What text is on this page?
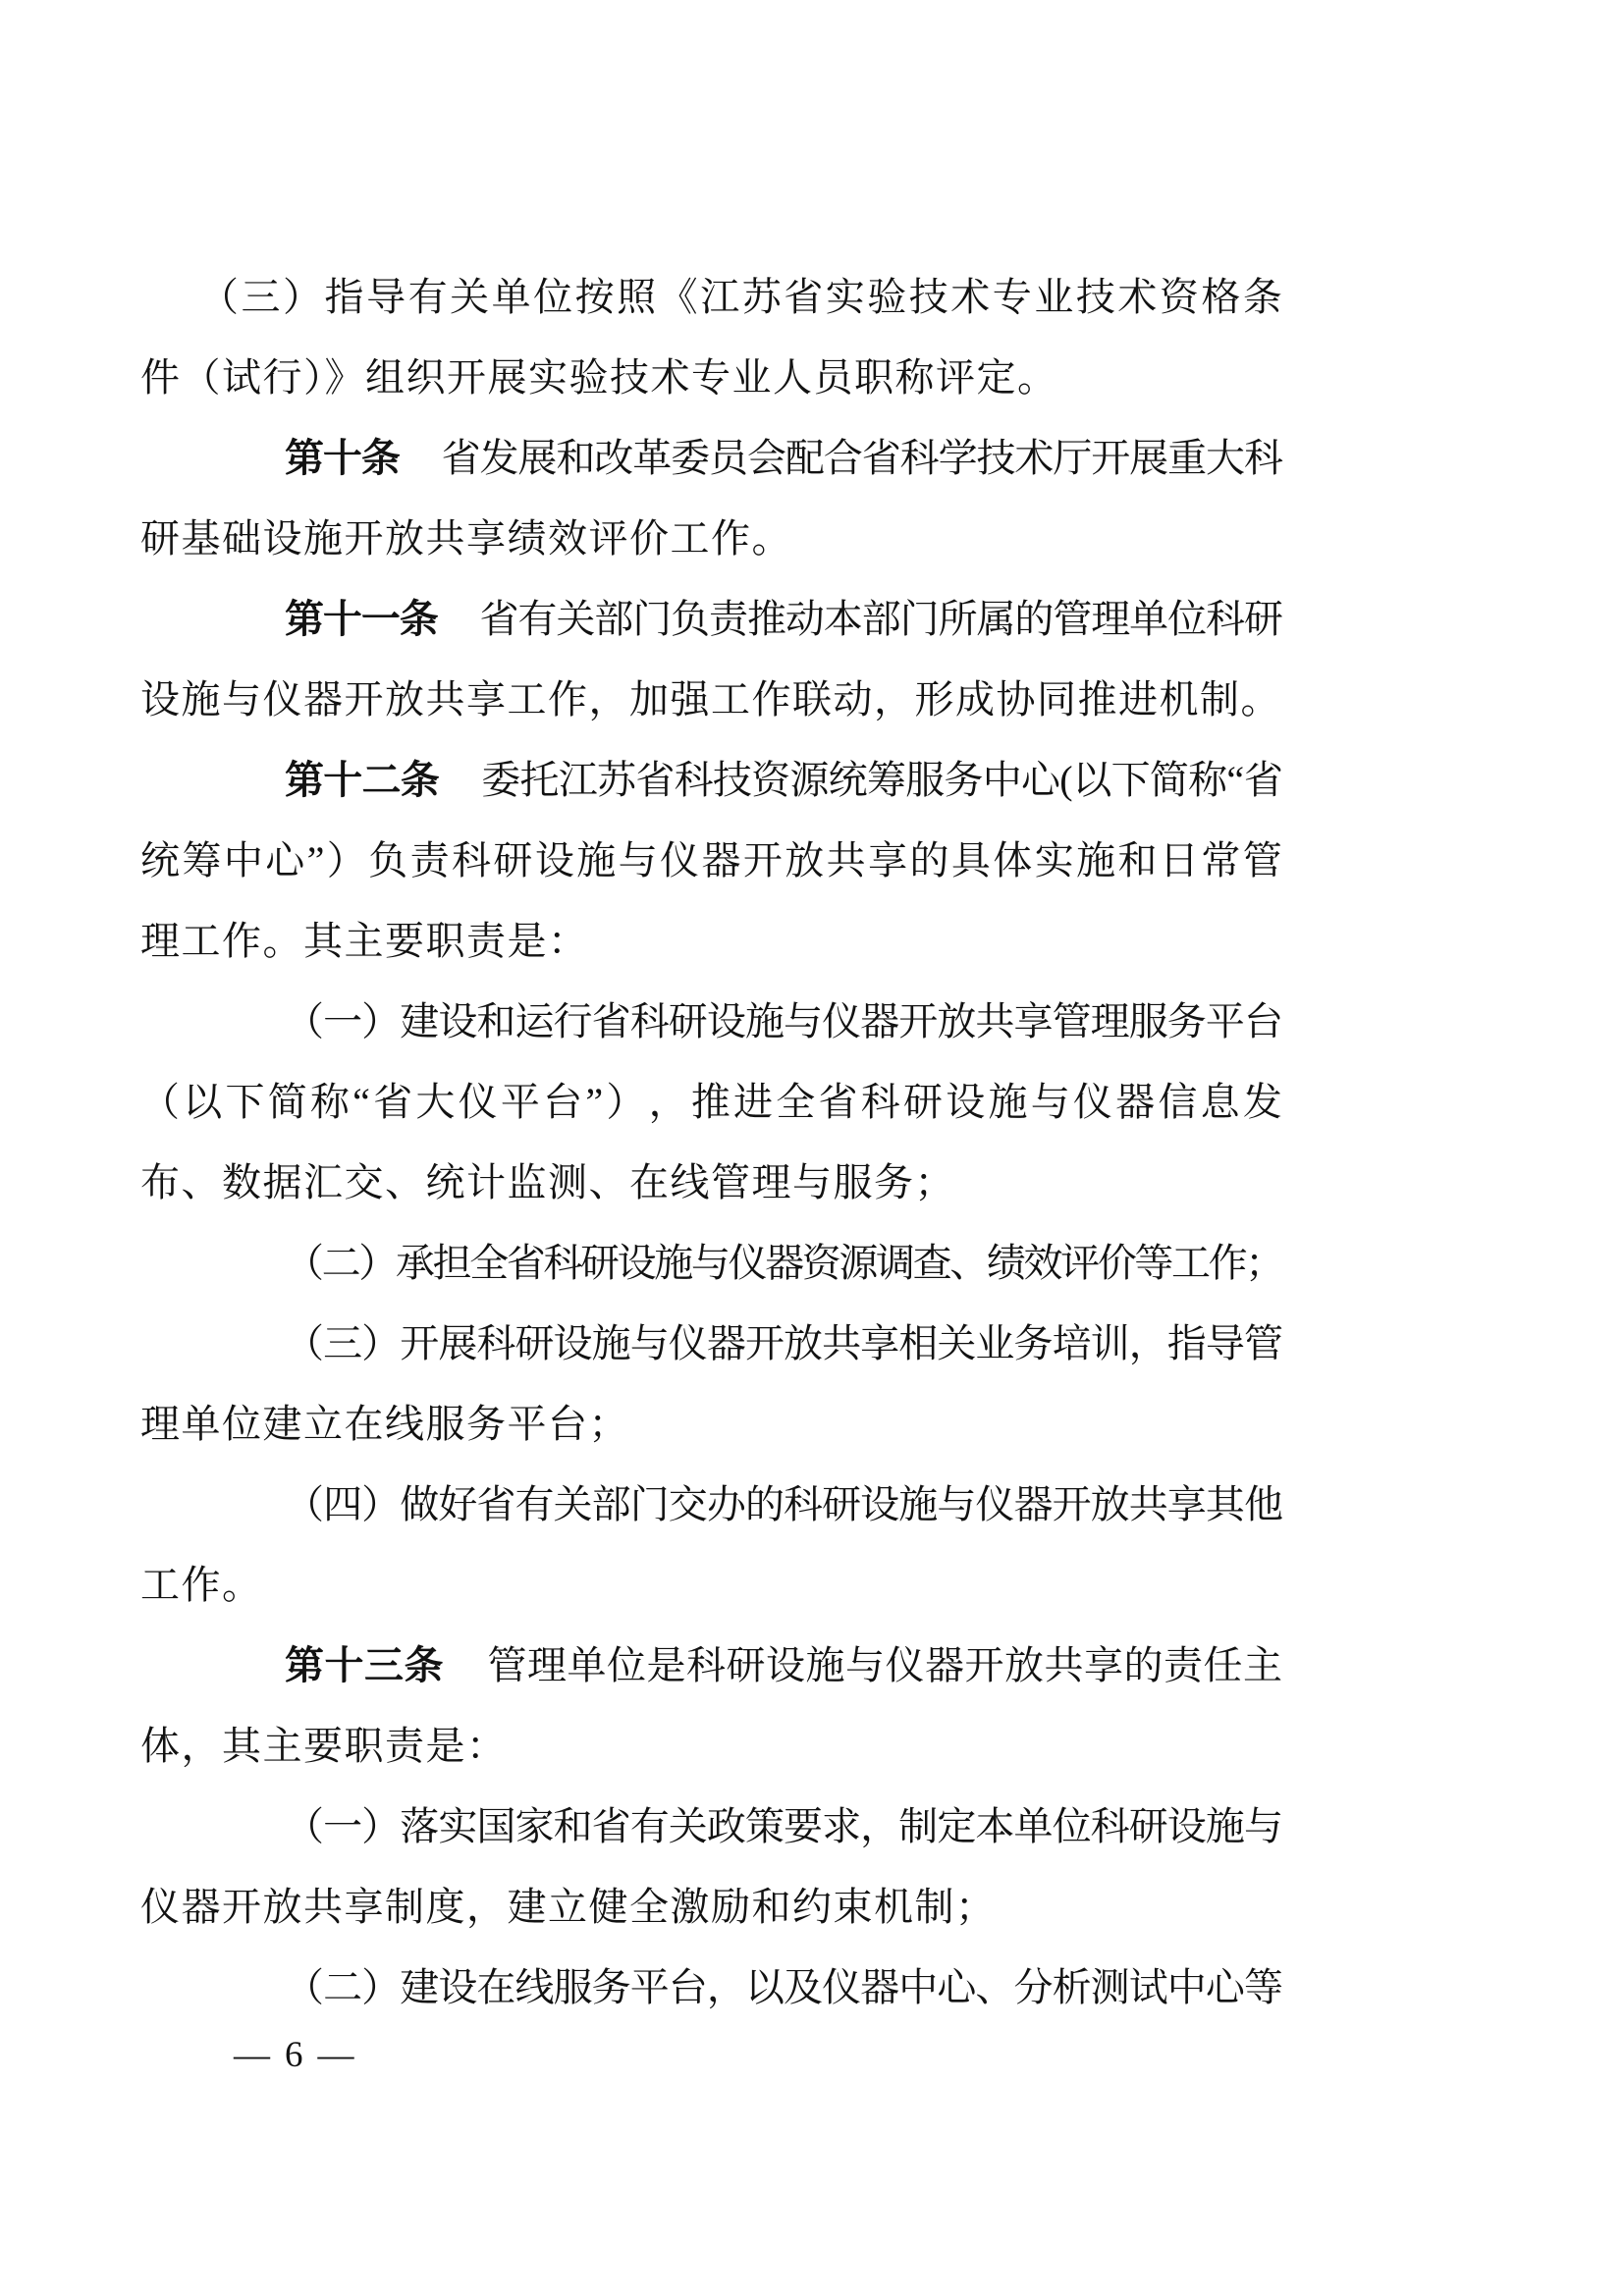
（ 三 ） 指 导 有 关 单 位 按 照 《 江 苏 省 实 验 技 术 专 业 技 术 资 格 条
件（试行）》组织开展实验技术专业人员职称评定。
第
十
条 省
发
展
和
改
革
委
员
会
配
合
省
科
学
技
术
厅
开
展
重
大
科
研基础设施开放共享绩效评价工作。
第
十
一
条 省
有
关
部
门
负
责
推
动
本
部
门
所
属
的
管
理
单
位
科
研
设施与仪器开放共享工作，加强工作联动，形成协同推进机制。
第 十 二 条 委 托 江 苏 省 科 技 资 源 统 筹 服 务 中 心 ( 以 下 简 称 “ 省
统 筹 中 心 ” ） 负 责 科 研 设 施 与 仪 器 开 放 共 享 的 具 体 实 施 和 日 常 管
理工作。其主要职责是：
（ 一 ） 建 设 和 运 行 省 科 研 设 施 与 仪 器 开 放 共 享 管 理 服 务 平 台
（ 以 下 简 称 “ 省 大 仪 平 台 ” ） ， 推 进 全 省 科 研 设 施 与 仪 器 信 息 发
布、数据汇交、统计监测、在线管理与服务；
（
二
）
承
担
全
省
科
研
设
施
与
仪
器
资
源
调
查
、
绩
效
评
价
等
工
作
；
（ 三 ） 开 展 科 研 设 施 与 仪 器 开 放 共 享 相 关 业 务 培 训 ， 指 导 管
理单位建立在线服务平台；
（ 四 ） 做 好 省 有 关 部 门 交 办 的 科 研 设 施 与 仪 器 开 放 共 享 其 他
工作。
第 十 三 条 管 理 单 位 是 科 研 设 施 与 仪 器 开 放 共 享 的 责 任 主
体，其主要职责是：
（ 一 ） 落 实 国 家 和 省 有 关 政 策 要 求 ， 制 定 本 单 位 科 研 设 施 与
仪器开放共享制度，建立健全激励和约束机制；
（ 二 ） 建 设 在 线 服 务 平 台 ， 以 及 仪 器 中 心 、 分 析 测 试 中 心 等
— 6 —
